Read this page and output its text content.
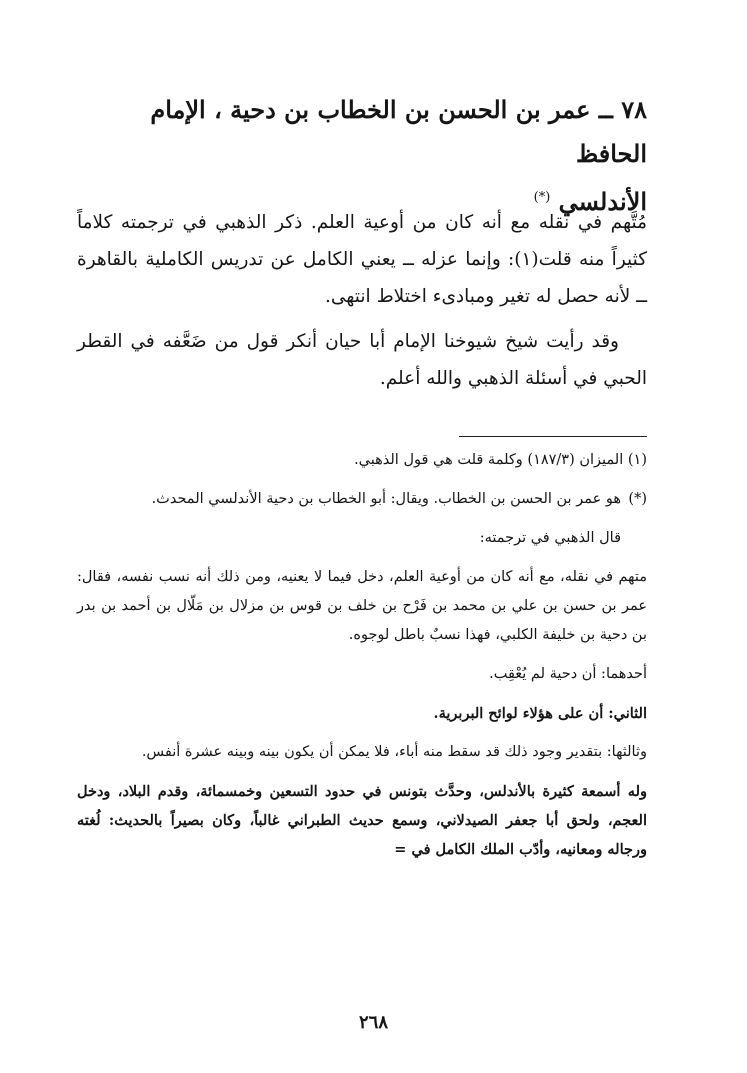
٧٨ ــ عمر بن الحسن بن الخطاب بن دحية ، الإمام الحافظ
الأندلسي (*)

مُتَّهم في نقله مع أنه كان من أوعية العلم. ذكر الذهبي في ترجمته كلاماً كثيراً منه قلت(١): وإنما عزله ــ يعني الكامل عن تدريس الكاملية بالقاهرة ــ لأنه حصل له تغير ومبادىء اختلاط انتهى.

وقد رأيت شيخ شيوخنا الإمام أبا حيان أنكر قول من ضَعَّفه في القطر الحبي في أسئلة الذهبي والله أعلم.

(١) الميزان (١٨٧/٣) وكلمة قلت هي قول الذهبي.

(*)
هو عمر بن الحسن بن الخطاب. ويقال: أبو الخطاب بن دحية الأندلسي المحدث.

قال الذهبي في ترجمته:

متهم في نقله، مع أنه كان من أوعية العلم، دخل فيما لا يعنيه، ومن ذلك أنه نسب نفسه، فقال: عمر بن حسن بن علي بن محمد بن فَرْح بن خلف بن قوس بن مزلال بن مَلّال بن أحمد بن بدر بن دحية بن خليفة الكلبي، فهذا نسبٌ باطل لوجوه.

أحدهما: أن دحية لم يُعْقِب.

الثاني: أن على هؤلاء لوائح البربرية.

وثالثها: بتقدير وجود ذلك قد سقط منه أباء، فلا يمكن أن يكون بينه وبينه عشرة أنفس.

وله أسمعة كثيرة بالأندلس، وحدَّث بتونس في حدود التسعين وخمسمائة، وقدم البلاد، ودخل العجم، ولحق أبا جعفر الصيدلاني، وسمع حديث الطبراني غالباً، وكان بصيراً بالحديث: لُغته ورجاله ومعانيه، وأدّب الملك الكامل في =

٢٦٨
